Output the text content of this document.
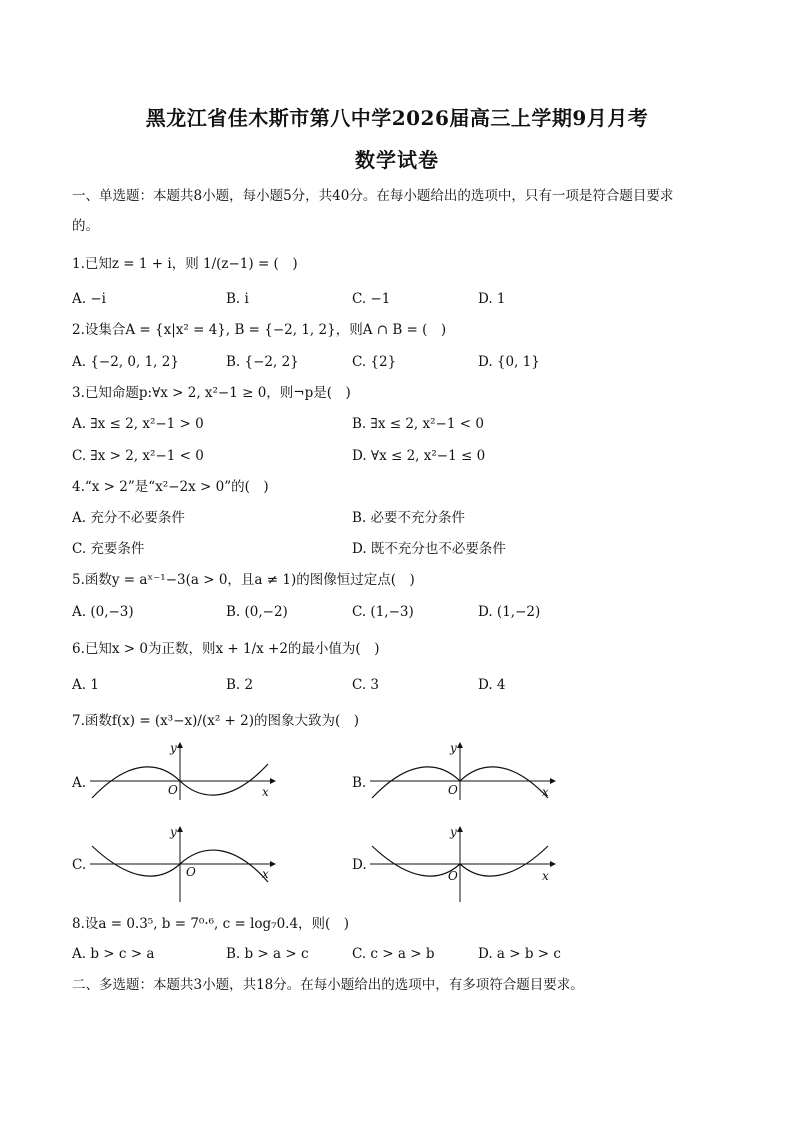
黑龙江省佳木斯市第八中学2026届高三上学期9月月考
数学试卷
一、单选题：本题共8小题，每小题5分，共40分。在每小题给出的选项中，只有一项是符合题目要求
的。
1.已知z = 1 + i，则 1/(z−1) = (　)
A. −i	B. i	C. −1	D. 1
2.设集合A = {x|x² = 4}, B = {−2, 1, 2}，则A ∩ B = (　)
A. {−2, 0, 1, 2}	B. {−2, 2}	C. {2}	D. {0, 1}
3.已知命题p:∀x > 2, x²−1 ≥ 0，则¬p是(　)
A. ∃x ≤ 2, x²−1 > 0	B. ∃x ≤ 2, x²−1 < 0
C. ∃x > 2, x²−1 < 0	D. ∀x ≤ 2, x²−1 ≤ 0
4.“x > 2”是“x²−2x > 0”的(　)
A. 充分不必要条件	B. 必要不充分条件
C. 充要条件	D. 既不充分也不必要条件
5.函数y = aˣ⁻¹−3(a > 0，且a ≠ 1)的图像恒过定点(　)
A. (0,−3)	B. (0,−2)	C. (1,−3)	D. (1,−2)
6.已知x > 0为正数，则x + 1/x +2的最小值为(　)
A. 1	B. 2	C. 3	D. 4
7.函数f(x) = (x³−x)/(x² + 2)的图象大致为(　)
A.	O	x
y
B.	O	x
y
C.	O	x
y
D.
O	x
y
8.设a = 0.3⁵, b = 7⁰·⁶, c = log₇0.4，则(　)
A. b > c > a	B. b > a > c	C. c > a > b	D. a > b > c
二、多选题：本题共3小题，共18分。在每小题给出的选项中，有多项符合题目要求。
